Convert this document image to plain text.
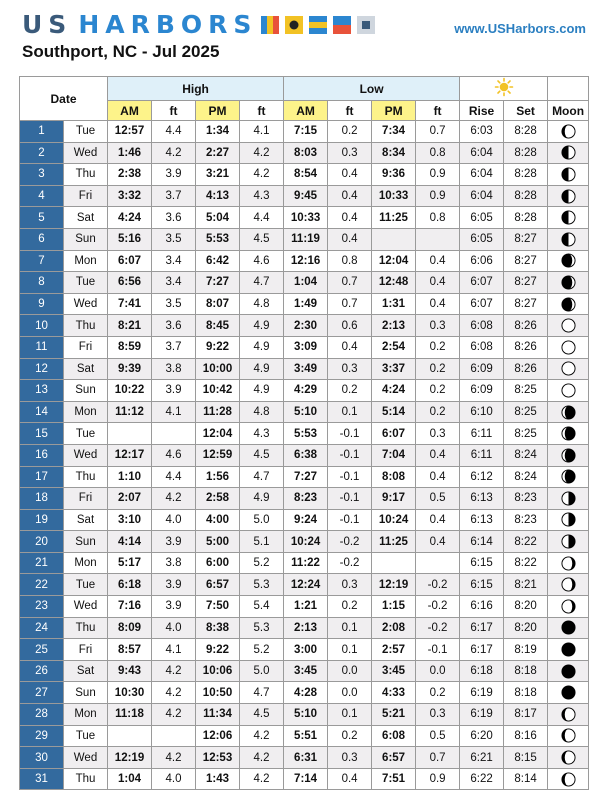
US HARBORS	www.USHarbors.com
Southport, NC - Jul 2025
Date		High				Low		
		AM	ft	PM	ft	AM	ft	PM	ft	Rise	Set	Moon
1	Tue	12:57	4.4	1:34	4.1	7:15	0.2	7:34	0.7	6:03	8:28	
2	Wed	1:46	4.2	2:27	4.2	8:03	0.3	8:34	0.8	6:04	8:28	
3	Thu	2:38	3.9	3:21	4.2	8:54	0.4	9:36	0.9	6:04	8:28	
4	Fri	3:32	3.7	4:13	4.3	9:45	0.4	10:33	0.9	6:04	8:28	
5	Sat	4:24	3.6	5:04	4.4	10:33	0.4	11:25	0.8	6:05	8:28	
6	Sun	5:16	3.5	5:53	4.5	11:19	0.4			6:05	8:27	
7	Mon	6:07	3.4	6:42	4.6	12:16	0.8	12:04	0.4	6:06	8:27	
8	Tue	6:56	3.4	7:27	4.7	1:04	0.7	12:48	0.4	6:07	8:27	
9	Wed	7:41	3.5	8:07	4.8	1:49	0.7	1:31	0.4	6:07	8:27	
10	Thu	8:21	3.6	8:45	4.9	2:30	0.6	2:13	0.3	6:08	8:26	
11	Fri	8:59	3.7	9:22	4.9	3:09	0.4	2:54	0.2	6:08	8:26	
12	Sat	9:39	3.8	10:00	4.9	3:49	0.3	3:37	0.2	6:09	8:26	
13	Sun	10:22	3.9	10:42	4.9	4:29	0.2	4:24	0.2	6:09	8:25	
14	Mon	11:12	4.1	11:28	4.8	5:10	0.1	5:14	0.2	6:10	8:25	
15	Tue			12:04	4.3	5:53	-0.1	6:07	0.3	6:11	8:25	
16	Wed	12:17	4.6	12:59	4.5	6:38	-0.1	7:04	0.4	6:11	8:24	
17	Thu	1:10	4.4	1:56	4.7	7:27	-0.1	8:08	0.4	6:12	8:24	
18	Fri	2:07	4.2	2:58	4.9	8:23	-0.1	9:17	0.5	6:13	8:23	
19	Sat	3:10	4.0	4:00	5.0	9:24	-0.1	10:24	0.4	6:13	8:23	
20	Sun	4:14	3.9	5:00	5.1	10:24	-0.2	11:25	0.4	6:14	8:22	
21	Mon	5:17	3.8	6:00	5.2	11:22	-0.2			6:15	8:22	
22	Tue	6:18	3.9	6:57	5.3	12:24	0.3	12:19	-0.2	6:15	8:21	
23	Wed	7:16	3.9	7:50	5.4	1:21	0.2	1:15	-0.2	6:16	8:20	
24	Thu	8:09	4.0	8:38	5.3	2:13	0.1	2:08	-0.2	6:17	8:20	
25	Fri	8:57	4.1	9:22	5.2	3:00	0.1	2:57	-0.1	6:17	8:19	
26	Sat	9:43	4.2	10:06	5.0	3:45	0.0	3:45	0.0	6:18	8:18	
27	Sun	10:30	4.2	10:50	4.7	4:28	0.0	4:33	0.2	6:19	8:18	
28	Mon	11:18	4.2	11:34	4.5	5:10	0.1	5:21	0.3	6:19	8:17	
29	Tue			12:06	4.2	5:51	0.2	6:08	0.5	6:20	8:16	
30	Wed	12:19	4.2	12:53	4.2	6:31	0.3	6:57	0.7	6:21	8:15	
31	Thu	1:04	4.0	1:43	4.2	7:14	0.4	7:51	0.9	6:22	8:14	
